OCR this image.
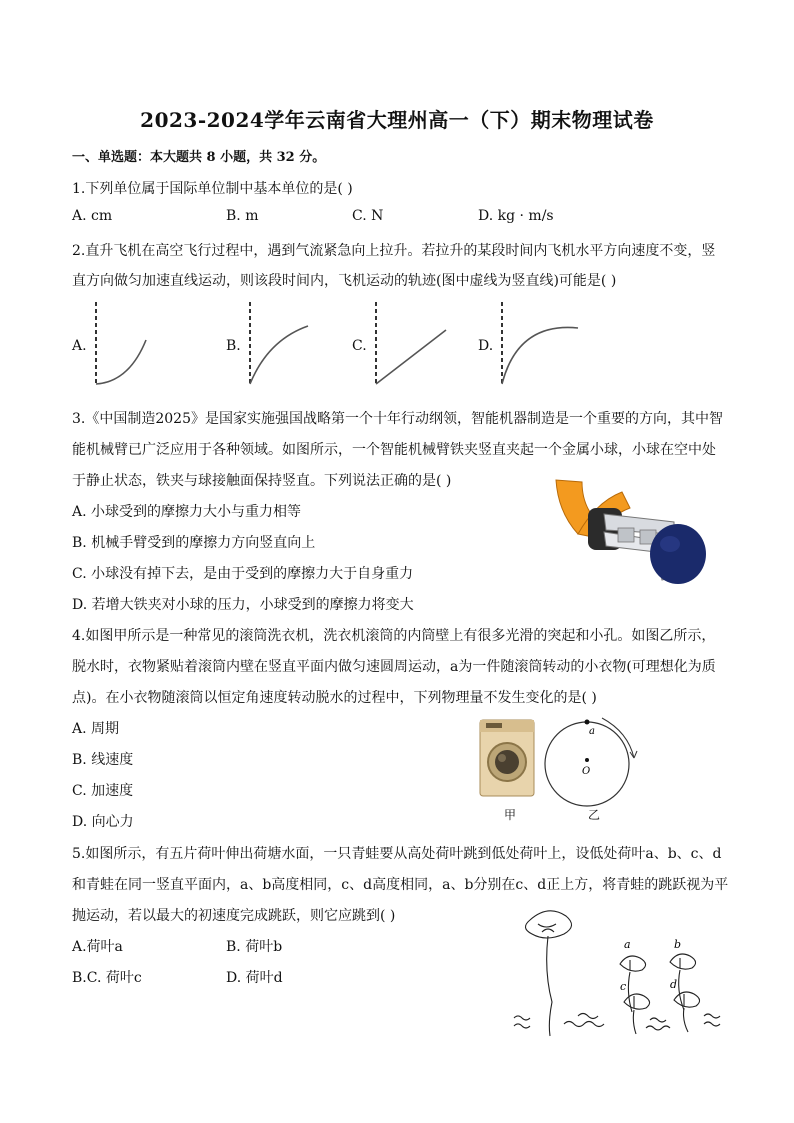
2023-2024学年云南省大理州高一（下）期末物理试卷
一、单选题：本大题共 8 小题，共 32 分。
1.下列单位属于国际单位制中基本单位的是( )
A. cm	B. m	C. N	D. kg · m/s
2.直升飞机在高空飞行过程中，遇到气流紧急向上拉升。若拉升的某段时间内飞机水平方向速度不变，竖
直方向做匀加速直线运动，则该段时间内，飞机运动的轨迹(图中虚线为竖直线)可能是( )
A.	B.	C.	D.
3.《中国制造2025》是国家实施强国战略第一个十年行动纲领，智能机器制造是一个重要的方向，其中智
能机械臂已广泛应用于各种领域。如图所示，一个智能机械臂铁夹竖直夹起一个金属小球，小球在空中处
于静止状态，铁夹与球接触面保持竖直。下列说法正确的是( )
A. 小球受到的摩擦力大小与重力相等
B. 机械手臂受到的摩擦力方向竖直向上
C. 小球没有掉下去，是由于受到的摩擦力大于自身重力
D. 若增大铁夹对小球的压力，小球受到的摩擦力将变大
4.如图甲所示是一种常见的滚筒洗衣机，洗衣机滚筒的内筒壁上有很多光滑的突起和小孔。如图乙所示，
脱水时，衣物紧贴着滚筒内壁在竖直平面内做匀速圆周运动，a为一件随滚筒转动的小衣物(可理想化为质
点)。在小衣物随滚筒以恒定角速度转动脱水的过程中，下列物理量不发生变化的是( )
A. 周期
B. 线速度
C. 加速度
D. 向心力	甲
a
O
乙
5.如图所示，有五片荷叶伸出荷塘水面，一只青蛙要从高处荷叶跳到低处荷叶上，设低处荷叶a、b、c、d
和青蛙在同一竖直平面内，a、b高度相同，c、d高度相同，a、b分别在c、d正上方，将青蛙的跳跃视为平
抛运动，若以最大的初速度完成跳跃，则它应跳到( )
A.荷叶a	B. 荷叶b
B.C. 荷叶c	D. 荷叶d
a	b
c	d
